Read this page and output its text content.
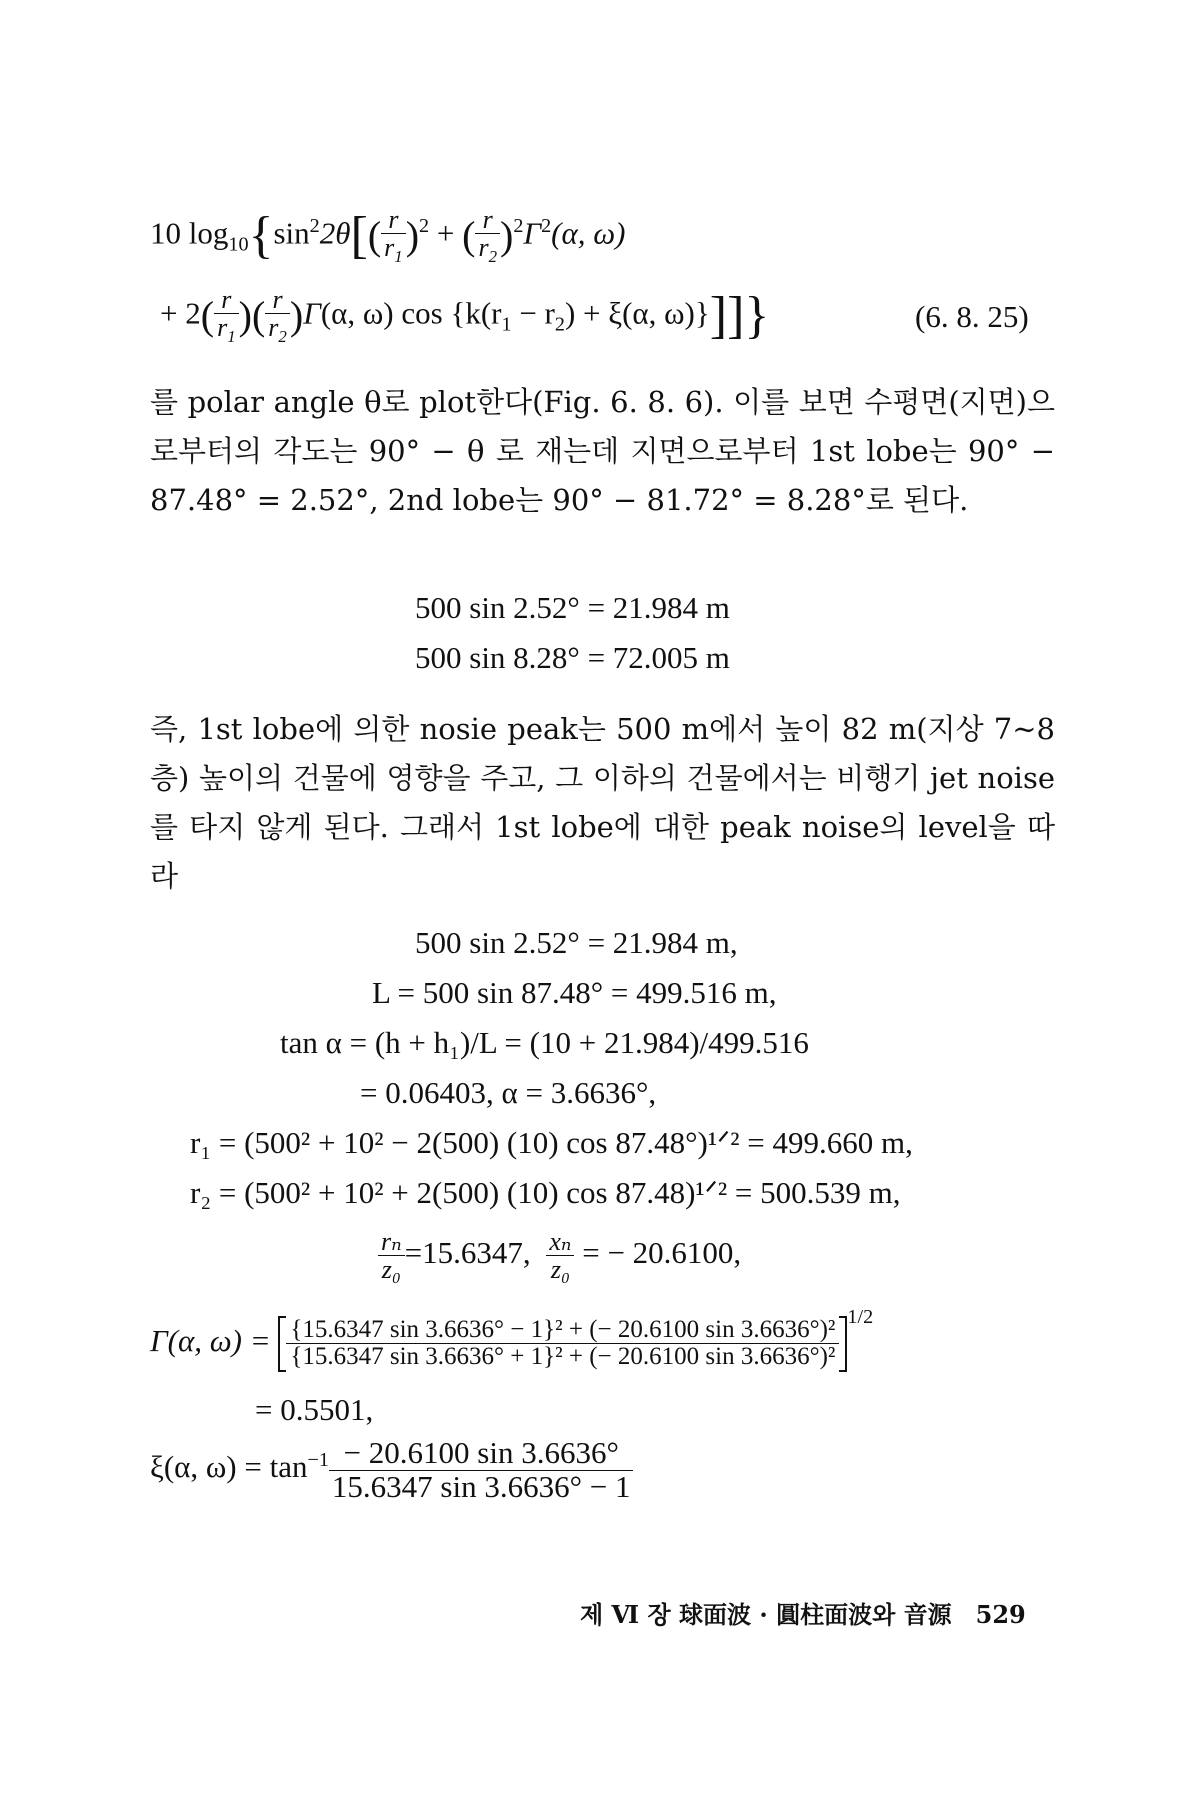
10 $\log_{10}\{\sin^22\theta[( \frac{r}{r_1} )^2$ + ( $\frac{r}{r_2} )^2\Gamma^2(\alpha$, ω)
+ $2( \frac{r}{r_1}$ )( $\frac{r}{r_2} )\Gamma(\alpha$, ω) $\cos \{k(r_1 - r_2) + \xi(\alpha$, ω)}]]}	(6. 8. 25)

를 polar angle θ로 plot한다(Fig. 6. 8. 6). 이를 보면 수평면(지면)으로부터의 각도는 90° − θ 로 재는데 지면으로부터 1st lobe는 90° − 87.48° = 2.52°, 2nd lobe는 90° − 81.72° = 8.28°로 된다.

500 sin 2.52° = 21.984 m
500 sin 8.28° = 72.005 m

즉, 1st lobe에 의한 nosie peak는 500 m에서 높이 82 m(지상 7∼8층) 높이의 건물에 영향을 주고, 그 이하의 건물에서는 비행기 jet noise를 타지 않게 된다. 그래서 1st lobe에 대한 peak noise의 level을 따라

500 sin 2.52° = 21.984 m,
L = 500 sin 87.48° = 499.516 m,
tan α = (h + h₁)/L = (10 + 21.984)/499.516
= 0.06403, α = 3.6636°,
r₁ = (500² + 10² − 2(500) (10) cos 87.48°)¹ᐟ² = 499.660 m,
r₂ = (500² + 10² + 2(500) (10) cos 87.48)¹ᐟ² = 500.539 m,
$\frac{\text{rₙ}}{\text{z₀}} =15.6347$, $\frac{\text{xₙ}}{\text{z₀}}$ = − 20.6100,
Γ(α, $\omega) = \frac{\text{\{15.6347 sin 3.6636° − 1\}² + (− 20.6100 sin 3.6636°)²}}{\text{\{15.6347 sin 3.6636° + 1\}² + (− 20.6100 sin 3.6636°)²}}$
$^{1/2}$
= 0.5501,
ξ(α, $\omega) = \tan^{-1} \frac{- 20.6100 \sin 3.6636^\circ}{15.6347 \sin 3.6636^\circ - 1}$
제 Ⅵ 장 球面波 · 圓柱面波와 音源 529
